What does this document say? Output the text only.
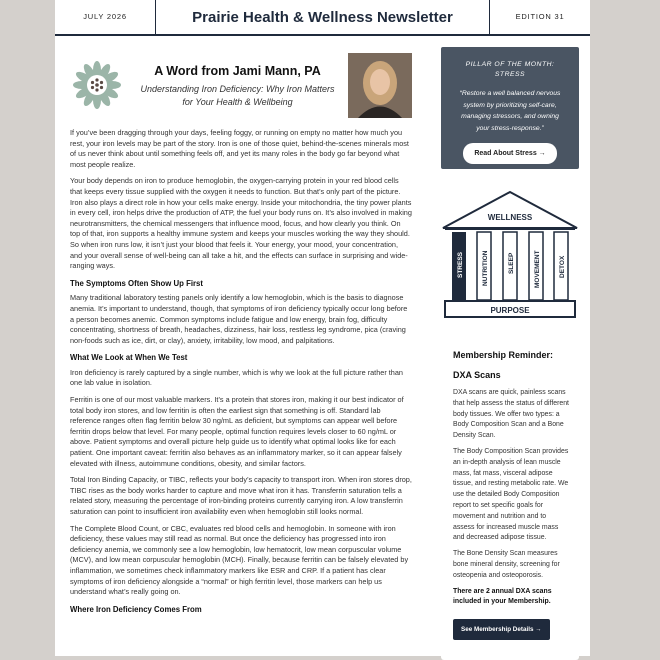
JULY 2026	Prairie Health & Wellness Newsletter	EDITION 31
A Word from Jami Mann, PA
Understanding Iron Deficiency: Why Iron Matters for Your Health & Wellbeing

If you’ve been dragging through your days, feeling foggy, or running on empty no matter how much you rest, your iron levels may be part of the story. Iron is one of those quiet, behind-the-scenes minerals most of us never think about until something feels off, and yet its many roles in the body go far beyond what most people realize.

Your body depends on iron to produce hemoglobin, the oxygen-carrying protein in your red blood cells that keeps every tissue supplied with the oxygen it needs to function. But that’s only part of the picture. Iron also plays a direct role in how your cells make energy. Inside your mitochondria, the tiny power plants in every cell, iron helps drive the production of ATP, the fuel your body runs on. It’s also involved in making neurotransmitters, the chemical messengers that influence mood, focus, and how clearly you think. On top of that, iron supports a healthy immune system and keeps your muscles working the way they should. So when iron runs low, it isn’t just your blood that feels it. Your energy, your mood, your concentration, and your overall sense of well-being can all take a hit, and the effects can surface in surprising and wide-ranging ways.

The Symptoms Often Show Up First

Many traditional laboratory testing panels only identify a low hemoglobin, which is the basis to diagnose anemia. It’s important to understand, though, that symptoms of iron deficiency typically occur long before a person becomes anemic. Common symptoms include fatigue and low energy, brain fog, difficulty concentrating, shortness of breath, headaches, dizziness, hair loss, restless leg syndrome, pica (craving non-foods such as ice, dirt, or clay), anxiety, irritability, low mood, and palpitations.

What We Look at When We Test

Iron deficiency is rarely captured by a single number, which is why we look at the full picture rather than one lab value in isolation.

Ferritin is one of our most valuable markers. It’s a protein that stores iron, making it our best indicator of total body iron stores, and low ferritin is often the earliest sign that something is off. Standard lab reference ranges often flag ferritin below 30 ng/mL as deficient, but symptoms can appear well before ferritin drops below that level. For many people, optimal function requires levels closer to 60 ng/mL or above. Patient symptoms and overall picture help guide us to identify what optimal looks like for each patient. One important caveat: ferritin also behaves as an inflammatory marker, so it can appear falsely elevated with illness, autoimmune conditions, obesity, and similar factors.

Total Iron Binding Capacity, or TIBC, reflects your body’s capacity to transport iron. When iron stores drop, TIBC rises as the body works harder to capture and move what iron it has. Transferrin saturation tells a related story, measuring the percentage of iron-binding proteins currently carrying iron. A low transferrin saturation can point to insufficient iron availability even when hemoglobin still looks normal.

The Complete Blood Count, or CBC, evaluates red blood cells and hemoglobin. In someone with iron deficiency, these values may still read as normal. But once the deficiency has progressed into iron deficiency anemia, we commonly see a low hemoglobin, low hematocrit, low mean corpuscular volume (MCV), and low mean corpuscular hemoglobin (MCH). Finally, because ferritin can be falsely elevated by inflammation, we sometimes check inflammatory markers like ESR and CRP. If a patient has clear symptoms of iron deficiency alongside a “normal” or high ferritin level, those markers can help us understand what’s really going on.

Where Iron Deficiency Comes From
PILLAR OF THE MONTH:
STRESS
“Restore a well balanced nervous system by prioritizing self-care, managing stressors, and owning your stress-response.”
Read About Stress →
WELLNESS
STRESS	NUTRITION	SLEEP	MOVEMENT	DETOX
PURPOSE
Membership Reminder:
DXA Scans

DXA scans are quick, painless scans that help assess the status of different body tissues. We offer two types: a Body Composition Scan and a Bone Density Scan.

The Body Composition Scan provides an in-depth analysis of lean muscle mass, fat mass, visceral adipose tissue, and resting metabolic rate. We use the detailed Body Composition report to set specific goals for movement and nutrition and to assess for increased muscle mass and decreased adipose tissue.

The Bone Density Scan measures bone mineral density, screening for osteopenia and osteoporosis.

There are 2 annual DXA scans included in your Membership.

See Membership Details →
